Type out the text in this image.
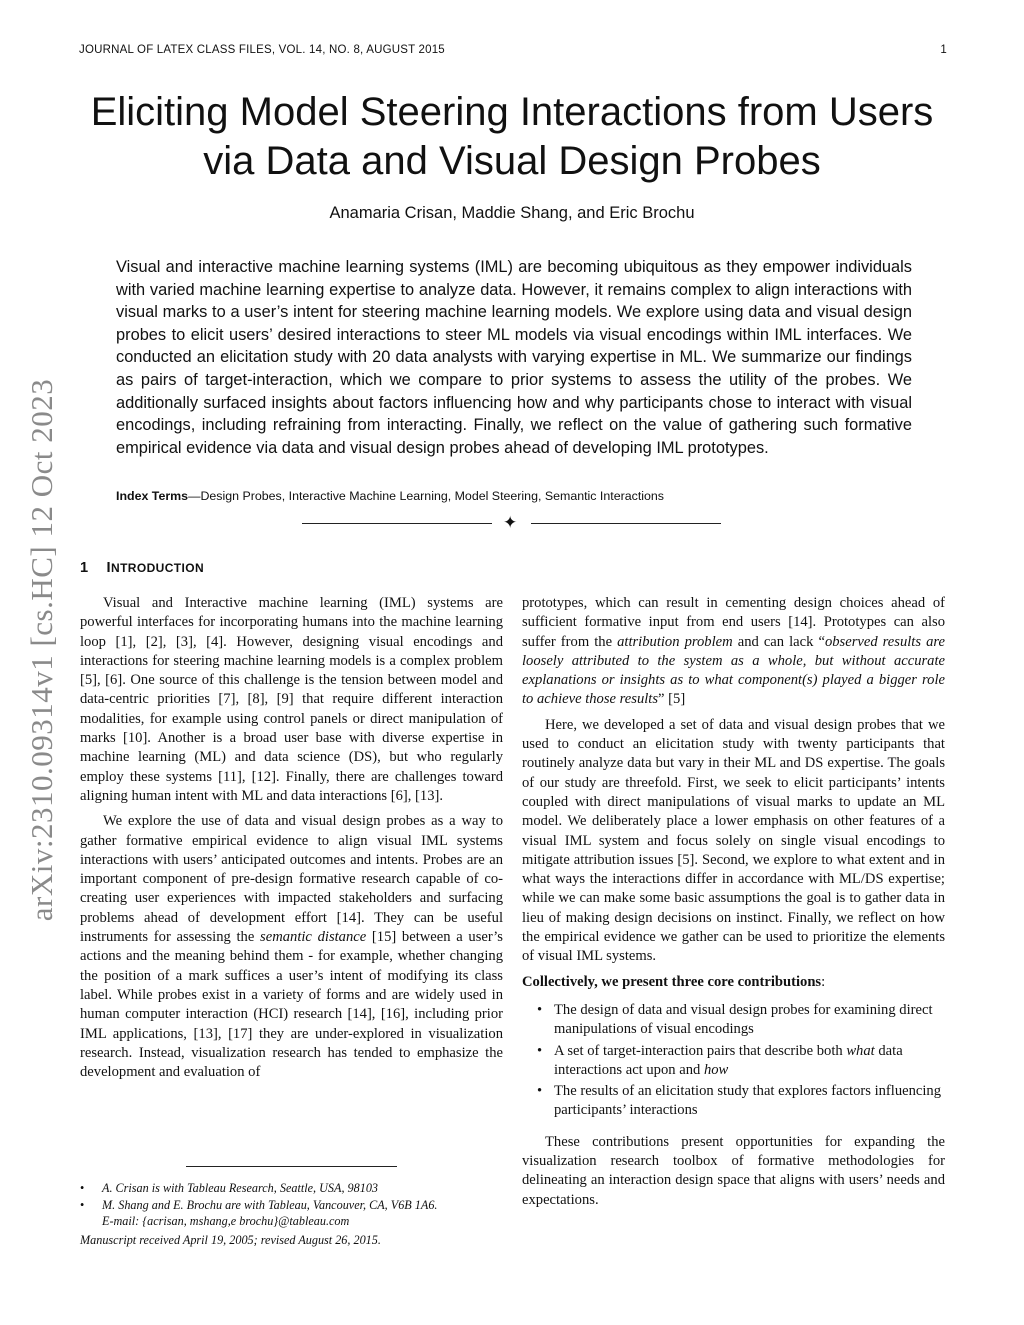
JOURNAL OF LATEX CLASS FILES, VOL. 14, NO. 8, AUGUST 2015	1
arXiv:2310.09314v1 [cs.HC] 12 Oct 2023
Eliciting Model Steering Interactions from Users via Data and Visual Design Probes
Anamaria Crisan, Maddie Shang, and Eric Brochu
Visual and interactive machine learning systems (IML) are becoming ubiquitous as they empower individuals with varied machine learning expertise to analyze data. However, it remains complex to align interactions with visual marks to a user’s intent for steering machine learning models. We explore using data and visual design probes to elicit users’ desired interactions to steer ML models via visual encodings within IML interfaces. We conducted an elicitation study with 20 data analysts with varying expertise in ML. We summarize our findings as pairs of target-interaction, which we compare to prior systems to assess the utility of the probes. We additionally surfaced insights about factors influencing how and why participants chose to interact with visual encodings, including refraining from interacting. Finally, we reflect on the value of gathering such formative empirical evidence via data and visual design probes ahead of developing IML prototypes.
Index Terms—Design Probes, Interactive Machine Learning, Model Steering, Semantic Interactions
✦
1 INTRODUCTION

Visual and Interactive machine learning (IML) systems are powerful interfaces for incorporating humans into the machine learning loop [1], [2], [3], [4]. However, designing visual encodings and interactions for steering machine learning models is a complex problem [5], [6]. One source of this challenge is the tension between model and data-centric priorities [7], [8], [9] that require different interaction modalities, for example using control panels or direct manipulation of marks [10]. Another is a broad user base with diverse expertise in machine learning (ML) and data science (DS), but who regularly employ these systems [11], [12]. Finally, there are challenges toward aligning human intent with ML and data interactions [6], [13].

We explore the use of data and visual design probes as a way to gather formative empirical evidence to align visual IML systems interactions with users’ anticipated outcomes and intents. Probes are an important component of pre-design formative research capable of co-creating user experiences with impacted stakeholders and surfacing problems ahead of development effort [14]. They can be useful instruments for assessing the semantic distance [15] between a user’s actions and the meaning behind them - for example, whether changing the position of a mark suffices a user’s intent of modifying its class label. While probes exist in a variety of forms and are widely used in human computer interaction (HCI) research [14], [16], including prior IML applications, [13], [17] they are under-explored in visualization research. Instead, visualization research has tended to emphasize the development and evaluation of

prototypes, which can result in cementing design choices ahead of sufficient formative input from end users [14]. Prototypes can also suffer from the attribution problem and can lack “observed results are loosely attributed to the system as a whole, but without accurate explanations or insights as to what component(s) played a bigger role to achieve those results” [5]

Here, we developed a set of data and visual design probes that we used to conduct an elicitation study with twenty participants that routinely analyze data but vary in their ML and DS expertise. The goals of our study are threefold. First, we seek to elicit participants’ intents coupled with direct manipulations of visual marks to update an ML model. We deliberately place a lower emphasis on other features of a visual IML system and focus solely on single visual encodings to mitigate attribution issues [5]. Second, we explore to what extent and in what ways the interactions differ in accordance with ML/DS expertise; while we can make some basic assumptions the goal is to gather data in lieu of making design decisions on instinct. Finally, we reflect on how the empirical evidence we gather can be used to prioritize the elements of visual IML systems.

Collectively, we present three core contributions:

• The design of data and visual design probes for examining direct manipulations of visual encodings
• A set of target-interaction pairs that describe both what data interactions act upon and how
• The results of an elicitation study that explores factors influencing participants’ interactions

These contributions present opportunities for expanding the visualization research toolbox of formative methodologies for delineating an interaction design space that aligns with users’ needs and expectations.

• A. Crisan is with Tableau Research, Seattle, USA, 98103
• M. Shang and E. Brochu are with Tableau, Vancouver, CA, V6B 1A6.
E-mail: {acrisan, mshang,e brochu}@tableau.com
Manuscript received April 19, 2005; revised August 26, 2015.
